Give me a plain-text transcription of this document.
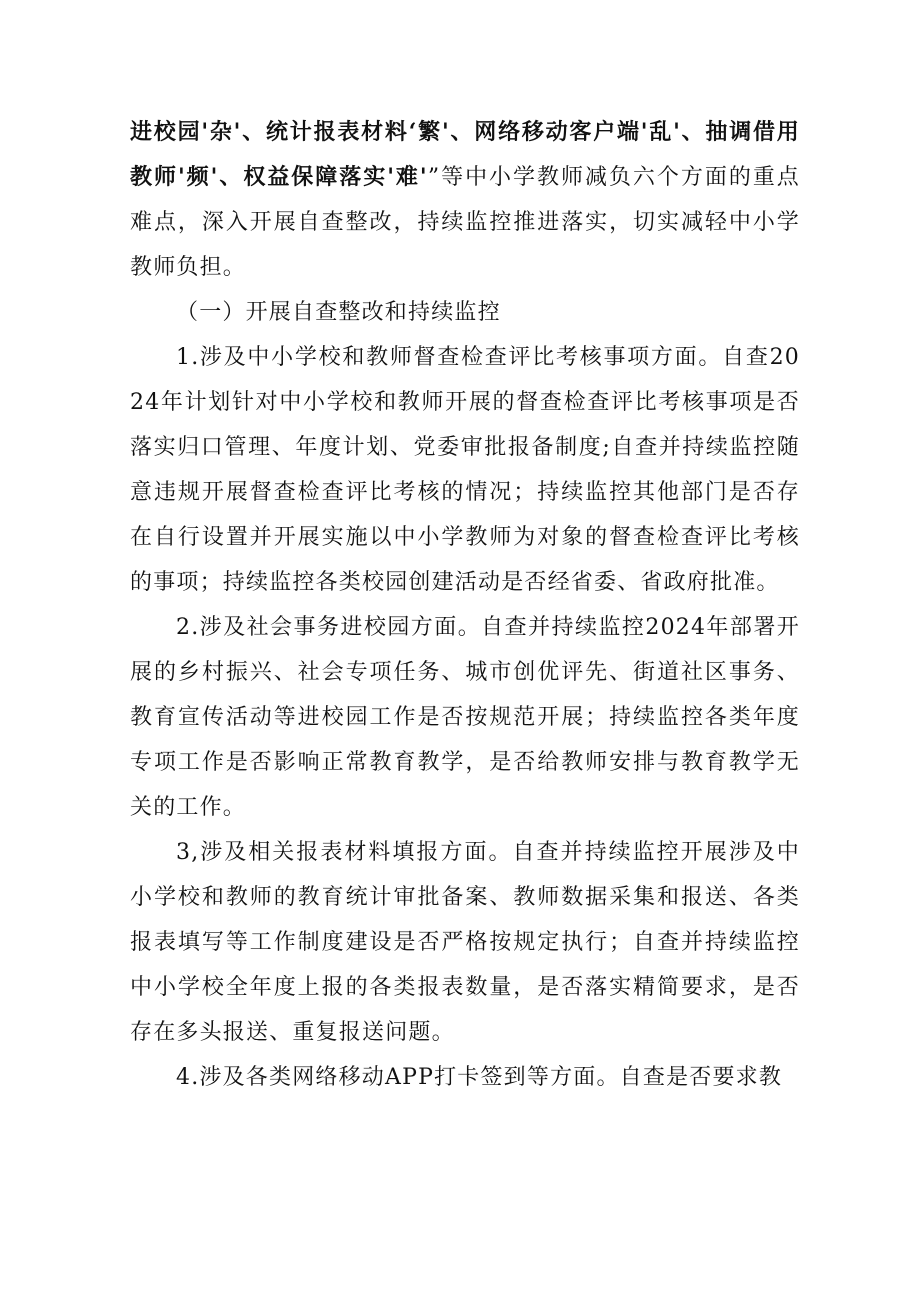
进校园'杂'、统计报表材料‘繁'、网络移动客户端'乱'、抽调借用教师'频'、权益保障落实'难'”等中小学教师减负六个方面的重点难点，深入开展自查整改，持续监控推进落实，切实减轻中小学教师负担。

（一）开展自查整改和持续监控

1.涉及中小学校和教师督查检查评比考核事项方面。自查2024年计划针对中小学校和教师开展的督查检查评比考核事项是否落实归口管理、年度计划、党委审批报备制度;自查并持续监控随意违规开展督查检查评比考核的情况；持续监控其他部门是否存在自行设置并开展实施以中小学教师为对象的督查检查评比考核的事项；持续监控各类校园创建活动是否经省委、省政府批准。

2.涉及社会事务进校园方面。自查并持续监控2024年部署开展的乡村振兴、社会专项任务、城市创优评先、街道社区事务、教育宣传活动等进校园工作是否按规范开展；持续监控各类年度专项工作是否影响正常教育教学，是否给教师安排与教育教学无关的工作。

3,涉及相关报表材料填报方面。自查并持续监控开展涉及中小学校和教师的教育统计审批备案、教师数据采集和报送、各类报表填写等工作制度建设是否严格按规定执行；自查并持续监控中小学校全年度上报的各类报表数量，是否落实精简要求，是否存在多头报送、重复报送问题。

4.涉及各类网络移动APP打卡签到等方面。自查是否要求教
